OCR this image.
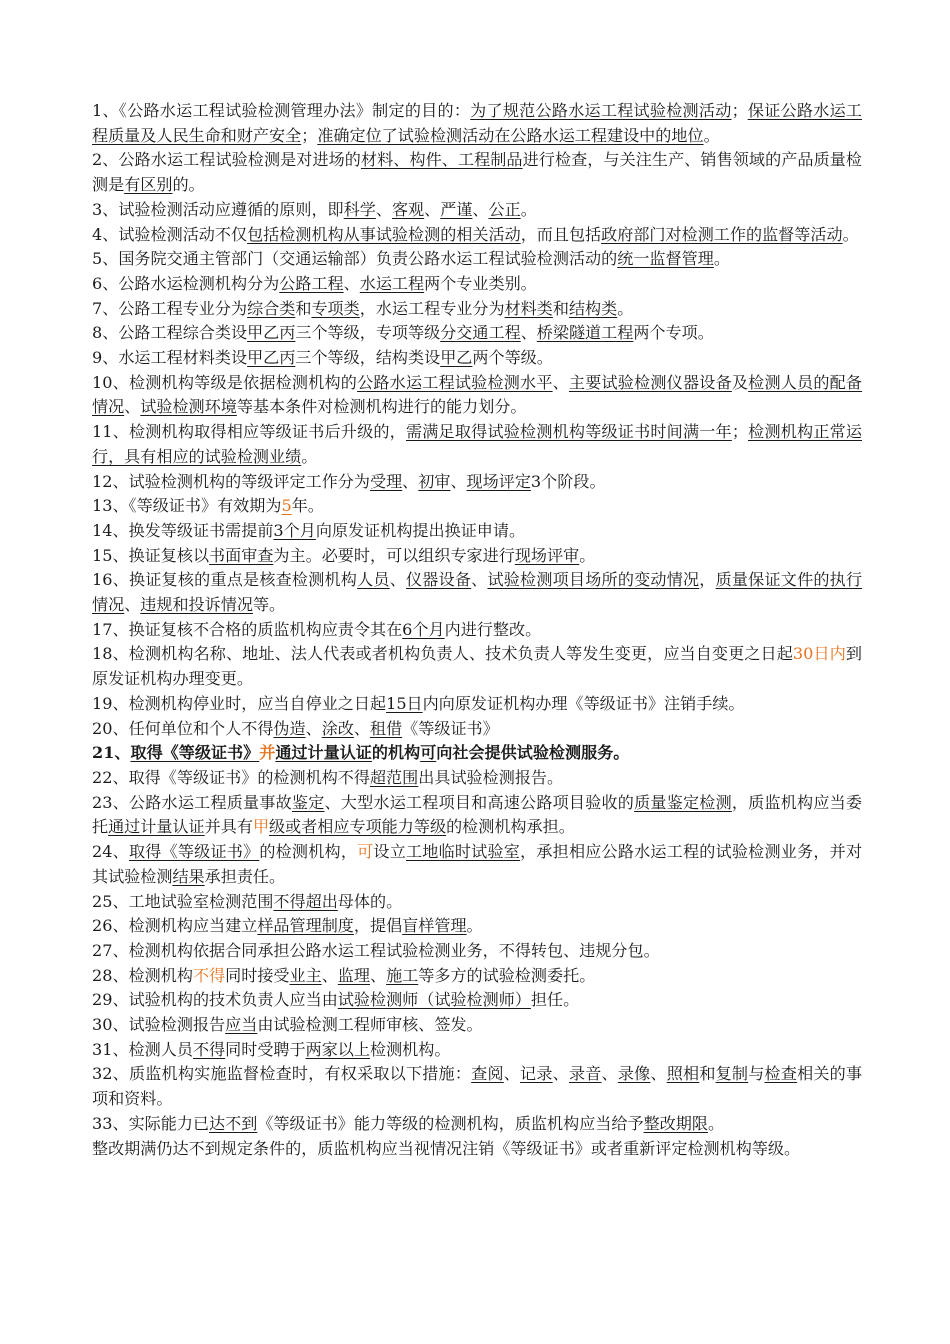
1、《公路水运工程试验检测管理办法》制定的目的：为了规范公路水运工程试验检测活动；保证公路水运工程质量及人民生命和财产安全；准确定位了试验检测活动在公路水运工程建设中的地位。

2、公路水运工程试验检测是对进场的材料、构件、工程制品进行检查，与关注生产、销售领域的产品质量检测是有区别的。

3、试验检测活动应遵循的原则，即科学、客观、严谨、公正。

4、试验检测活动不仅包括检测机构从事试验检测的相关活动，而且包括政府部门对检测工作的监督等活动。

5、国务院交通主管部门（交通运输部）负责公路水运工程试验检测活动的统一监督管理。

6、公路水运检测机构分为公路工程、水运工程两个专业类别。

7、公路工程专业分为综合类和专项类，水运工程专业分为材料类和结构类。

8、公路工程综合类设甲乙丙三个等级，专项等级分交通工程、桥梁隧道工程两个专项。

9、水运工程材料类设甲乙丙三个等级，结构类设甲乙两个等级。

10、检测机构等级是依据检测机构的公路水运工程试验检测水平、主要试验检测仪器设备及检测人员的配备情况、试验检测环境等基本条件对检测机构进行的能力划分。

11、检测机构取得相应等级证书后升级的，需满足取得试验检测机构等级证书时间满一年；检测机构正常运行，具有相应的试验检测业绩。

12、试验检测机构的等级评定工作分为受理、初审、现场评定3个阶段。

13、《等级证书》有效期为5年。

14、换发等级证书需提前3个月向原发证机构提出换证申请。

15、换证复核以书面审查为主。必要时，可以组织专家进行现场评审。

16、换证复核的重点是核查检测机构人员、仪器设备、试验检测项目场所的变动情况，质量保证文件的执行情况、违规和投诉情况等。

17、换证复核不合格的质监机构应责令其在6个月内进行整改。

18、检测机构名称、地址、法人代表或者机构负责人、技术负责人等发生变更，应当自变更之日起30日内到原发证机构办理变更。

19、检测机构停业时，应当自停业之日起15日内向原发证机构办理《等级证书》注销手续。

20、任何单位和个人不得伪造、涂改、租借《等级证书》

21、取得《等级证书》并通过计量认证的机构可向社会提供试验检测服务。

22、取得《等级证书》的检测机构不得超范围出具试验检测报告。

23、公路水运工程质量事故鉴定、大型水运工程项目和高速公路项目验收的质量鉴定检测，质监机构应当委托通过计量认证并具有甲级或者相应专项能力等级的检测机构承担。

24、取得《等级证书》的检测机构，可设立工地临时试验室，承担相应公路水运工程的试验检测业务，并对其试验检测结果承担责任。

25、工地试验室检测范围不得超出母体的。

26、检测机构应当建立样品管理制度，提倡盲样管理。

27、检测机构依据合同承担公路水运工程试验检测业务，不得转包、违规分包。

28、检测机构不得同时接受业主、监理、施工等多方的试验检测委托。

29、试验机构的技术负责人应当由试验检测师（试验检测师）担任。

30、试验检测报告应当由试验检测工程师审核、签发。

31、检测人员不得同时受聘于两家以上检测机构。

32、质监机构实施监督检查时，有权采取以下措施：查阅、记录、录音、录像、照相和复制与检查相关的事项和资料。

33、实际能力已达不到《等级证书》能力等级的检测机构，质监机构应当给予整改期限。

整改期满仍达不到规定条件的，质监机构应当视情况注销《等级证书》或者重新评定检测机构等级。
